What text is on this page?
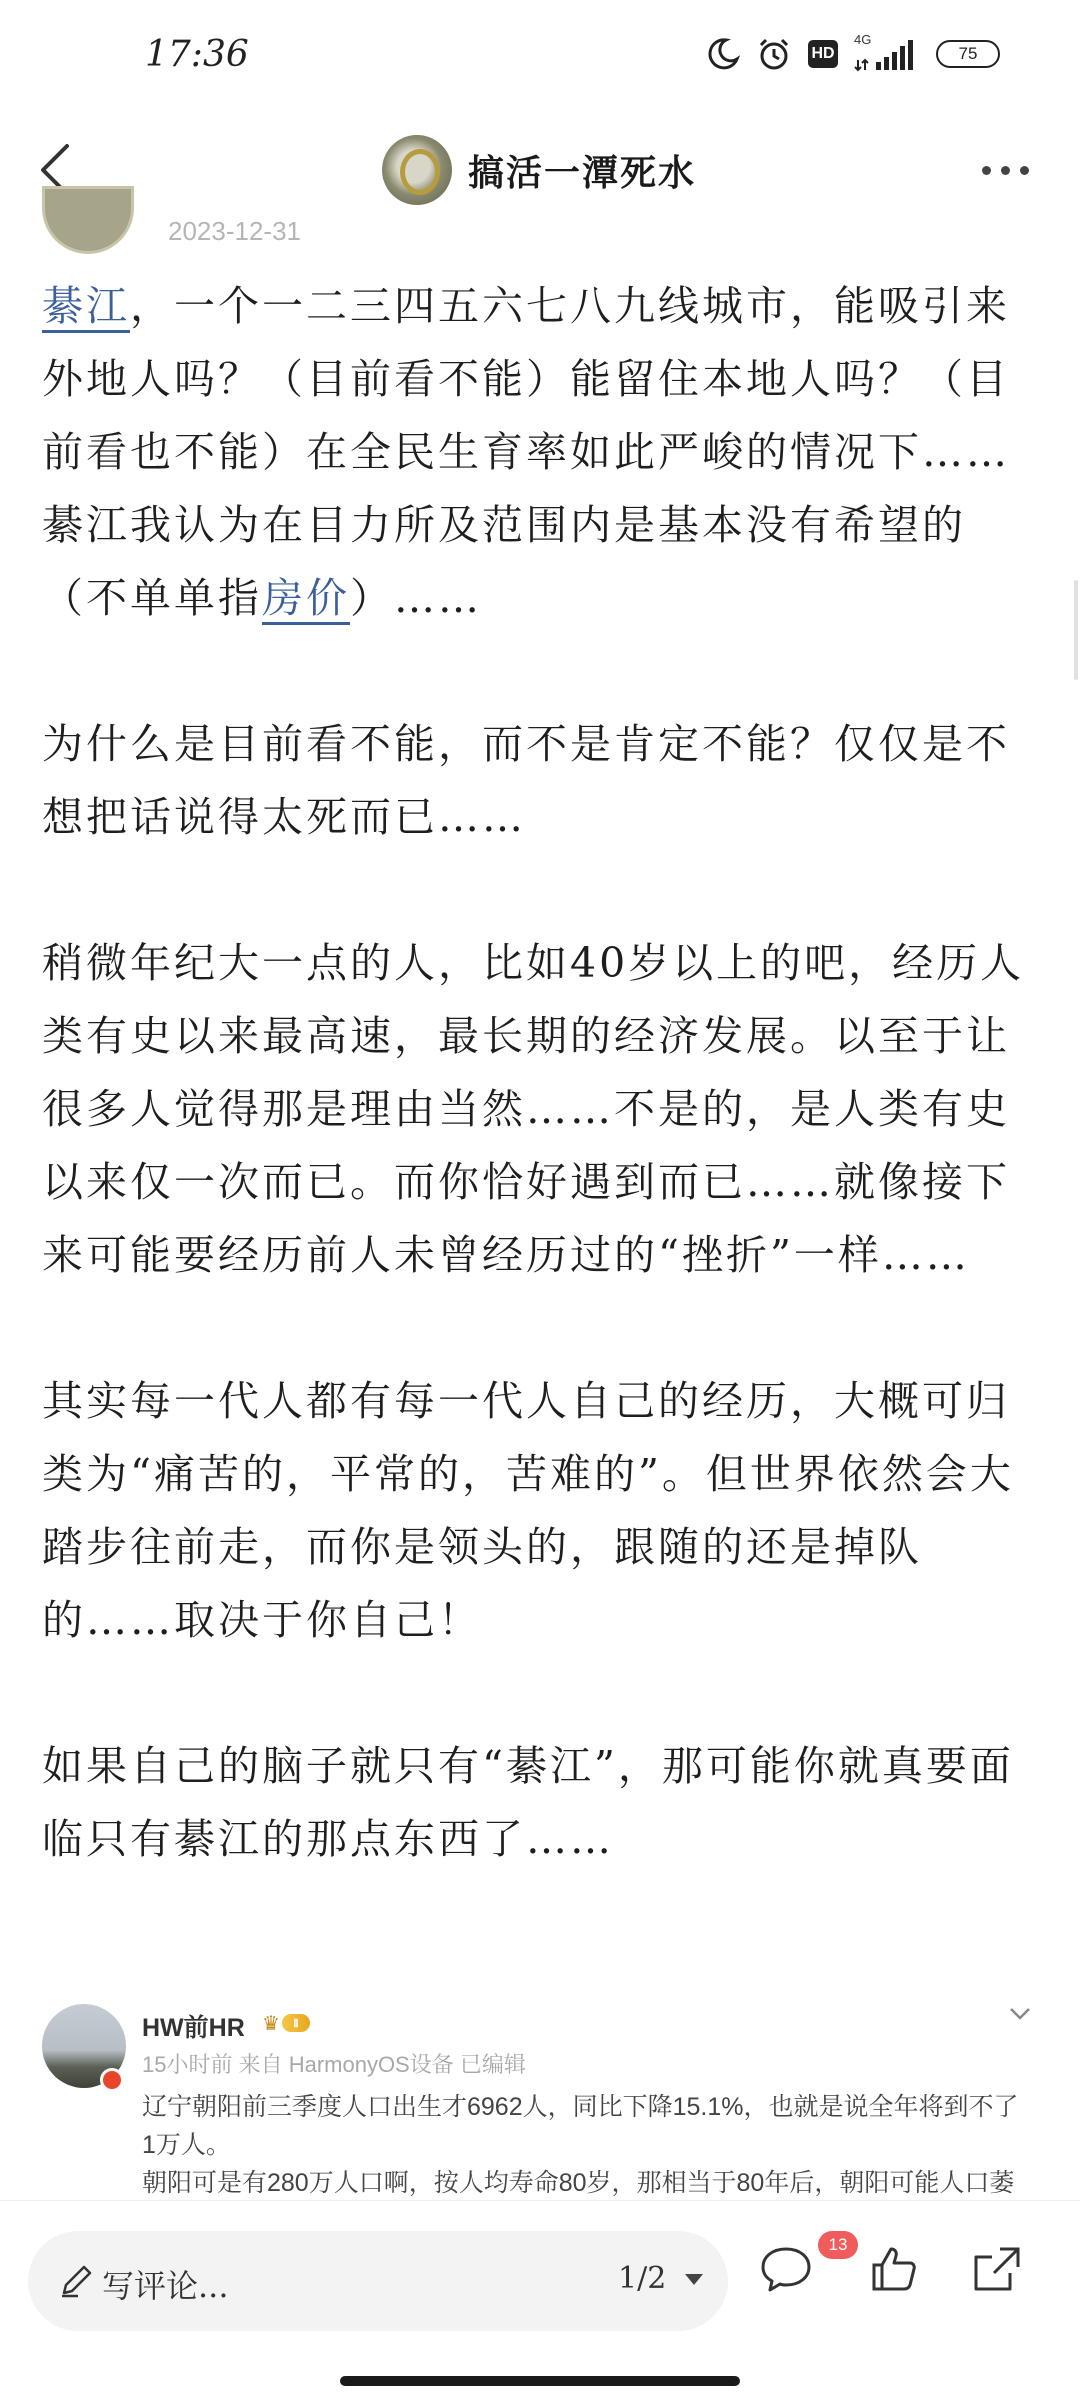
17:36	HD
4G
75
搞活一潭死水
2023-12-31

綦江，一个一二三四五六七八九线城市，能吸引来外地人吗？（目前看不能）能留住本地人吗？（目前看也不能）在全民生育率如此严峻的情况下……綦江我认为在目力所及范围内是基本没有希望的（不单单指房价）……

为什么是目前看不能，而不是肯定不能？仅仅是不想把话说得太死而已……

稍微年纪大一点的人，比如40岁以上的吧，经历人类有史以来最高速，最长期的经济发展。以至于让很多人觉得那是理由当然……不是的，是人类有史以来仅一次而已。而你恰好遇到而已……就像接下来可能要经历前人未曾经历过的“挫折”一样……

其实每一代人都有每一代人自己的经历，大概可归类为“痛苦的，平常的，苦难的”。但世界依然会大踏步往前走，而你是领头的，跟随的还是掉队的……取决于你自己！

如果自己的脑子就只有“綦江”，那可能你就真要面临只有綦江的那点东西了……

HW前HR ♛	Ⅱ
15小时前 来自 HarmonyOS设备 已编辑
辽宁朝阳前三季度人口出生才6962人，同比下降15.1%，也就是说全年将到不了1万人。
朝阳可是有280万人口啊，按人均寿命80岁，那相当于80年后，朝阳可能人口萎
写评论...	1/2
13
